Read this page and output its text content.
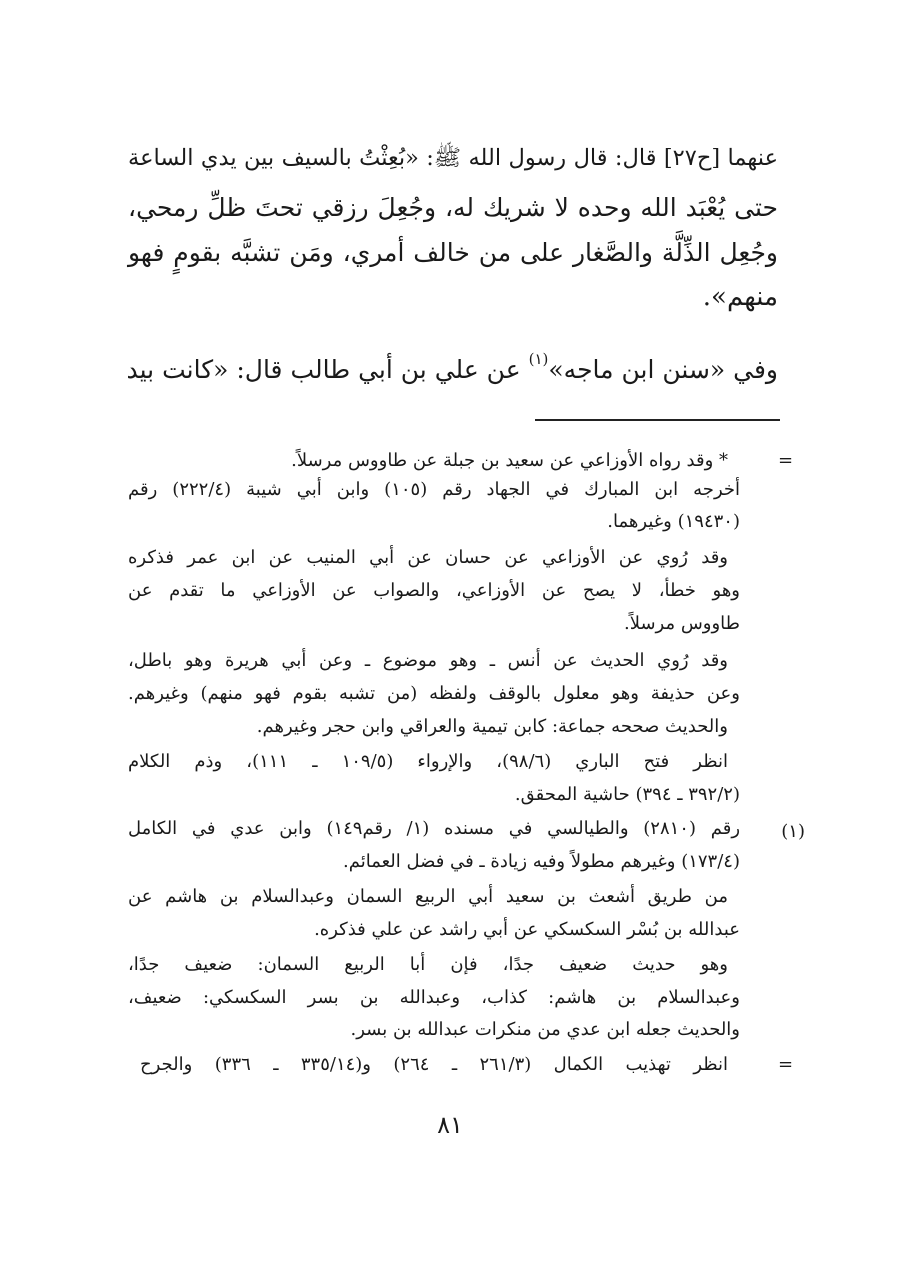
عنهما [ح٢٧] قال: قال رسول الله ﷺ: «بُعِثْتُ بالسيف بين يدي الساعة
حتى يُعْبَد الله وحده لا شريك له، وجُعِلَ رزقي تحتَ ظلِّ رمحي،
وجُعِل الذِّلَّة والصَّغار على من خالف أمري، ومَن تشبَّه بقومٍ فهو
منهم».
وفي «سنن ابن ماجه»$^{(١)}$ عن علي بن أبي طالب قال: «كانت بيد
=
(١)
=
* وقد رواه الأوزاعي عن سعيد بن جبلة عن طاووس مرسلاً.
أخرجه ابن المبارك في الجهاد رقم (١٠٥) وابن أبي شيبة (٢٢٢/٤) رقم
(١٩٤٣٠) وغيرهما.
وقد رُوي عن الأوزاعي عن حسان عن أبي المنيب عن ابن عمر فذكره
وهو خطأ، لا يصح عن الأوزاعي، والصواب عن الأوزاعي ما تقدم عن
طاووس مرسلاً.
وقد رُوي الحديث عن أنس ـ وهو موضوع ـ وعن أبي هريرة وهو باطل،
وعن حذيفة وهو معلول بالوقف ولفظه (من تشبه بقوم فهو منهم) وغيرهم.
والحديث صححه جماعة: كابن تيمية والعراقي وابن حجر وغيرهم.
انظر فتح الباري (٩٨/٦)، والإرواء (١٠٩/٥ ـ ١١١)، وذم الكلام
(٣٩٢/٢ ـ ٣٩٤) حاشية المحقق.
رقم (٢٨١٠) والطيالسي في مسنده (١/ رقم١٤٩) وابن عدي في الكامل
(١٧٣/٤) وغيرهم مطولاً وفيه زيادة ـ في فضل العمائم.
من طريق أشعث بن سعيد أبي الربيع السمان وعبدالسلام بن هاشم عن
عبدالله بن بُسْر السكسكي عن أبي راشد عن علي فذكره.
وهو حديث ضعيف جدًا، فإن أبا الربيع السمان: ضعيف جدًا،
وعبدالسلام بن هاشم: كذاب، وعبدالله بن بسر السكسكي: ضعيف،
والحديث جعله ابن عدي من منكرات عبدالله بن بسر.
انظر تهذيب الكمال (٢٦١/٣ ـ ٢٦٤) و(٣٣٥/١٤ ـ ٣٣٦) والجرح
٨١
